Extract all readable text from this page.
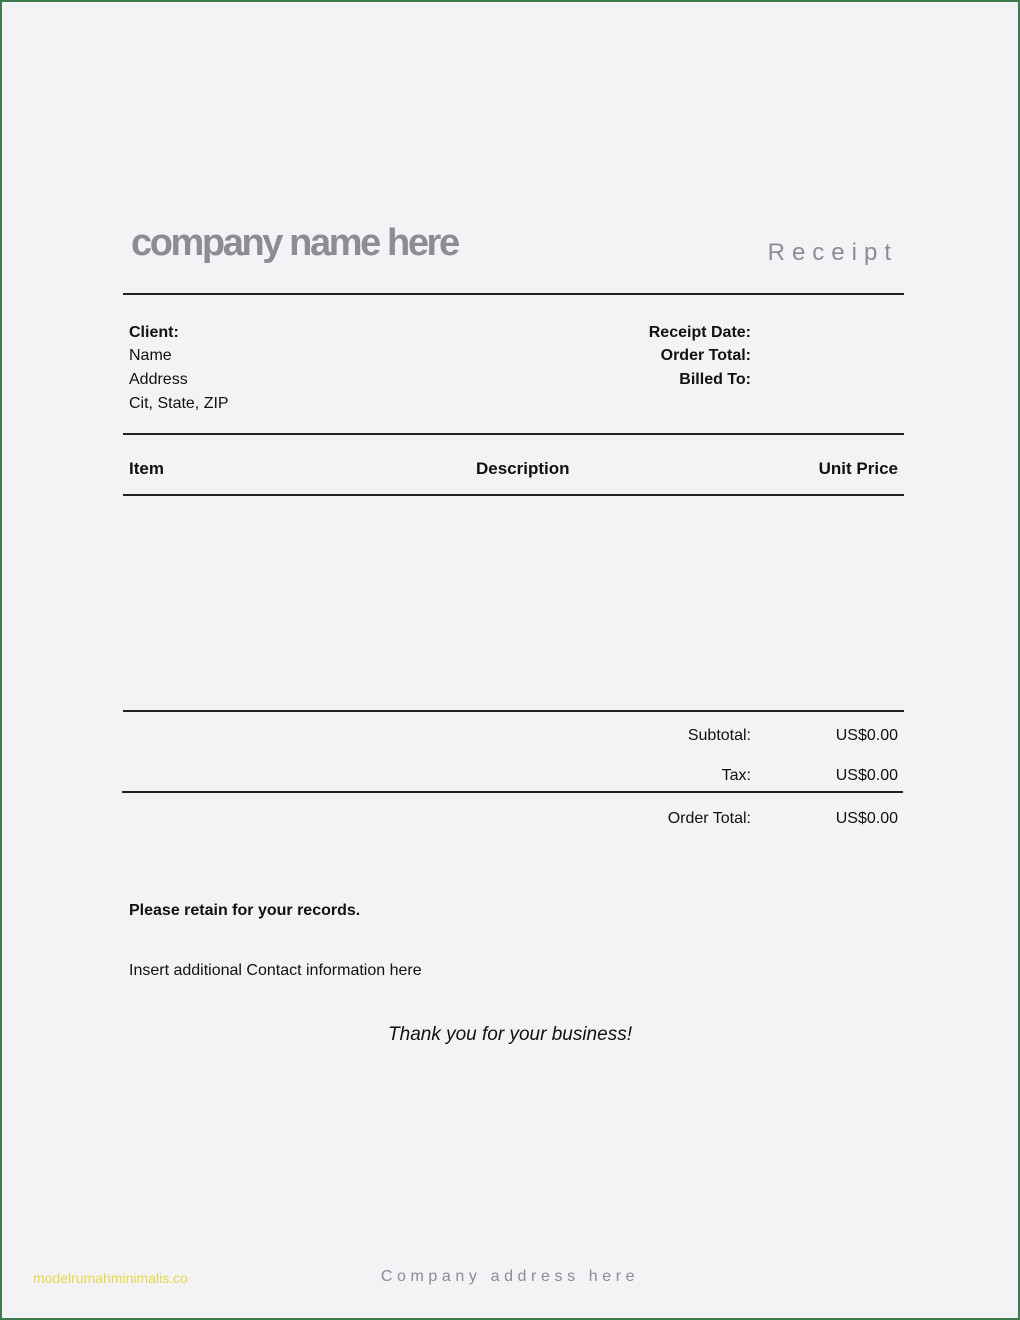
company name here	Receipt
Client:
Name
Address
Cit, State, ZIP
Receipt Date:
Order Total:
Billed To:
Item	Description	Unit Price
Subtotal:	US$0.00
Tax:	US$0.00
Order Total:	US$0.00
Please retain for your records.
Insert additional Contact information here
Thank you for your business!
Company address here
modelrumahminimalis.co
